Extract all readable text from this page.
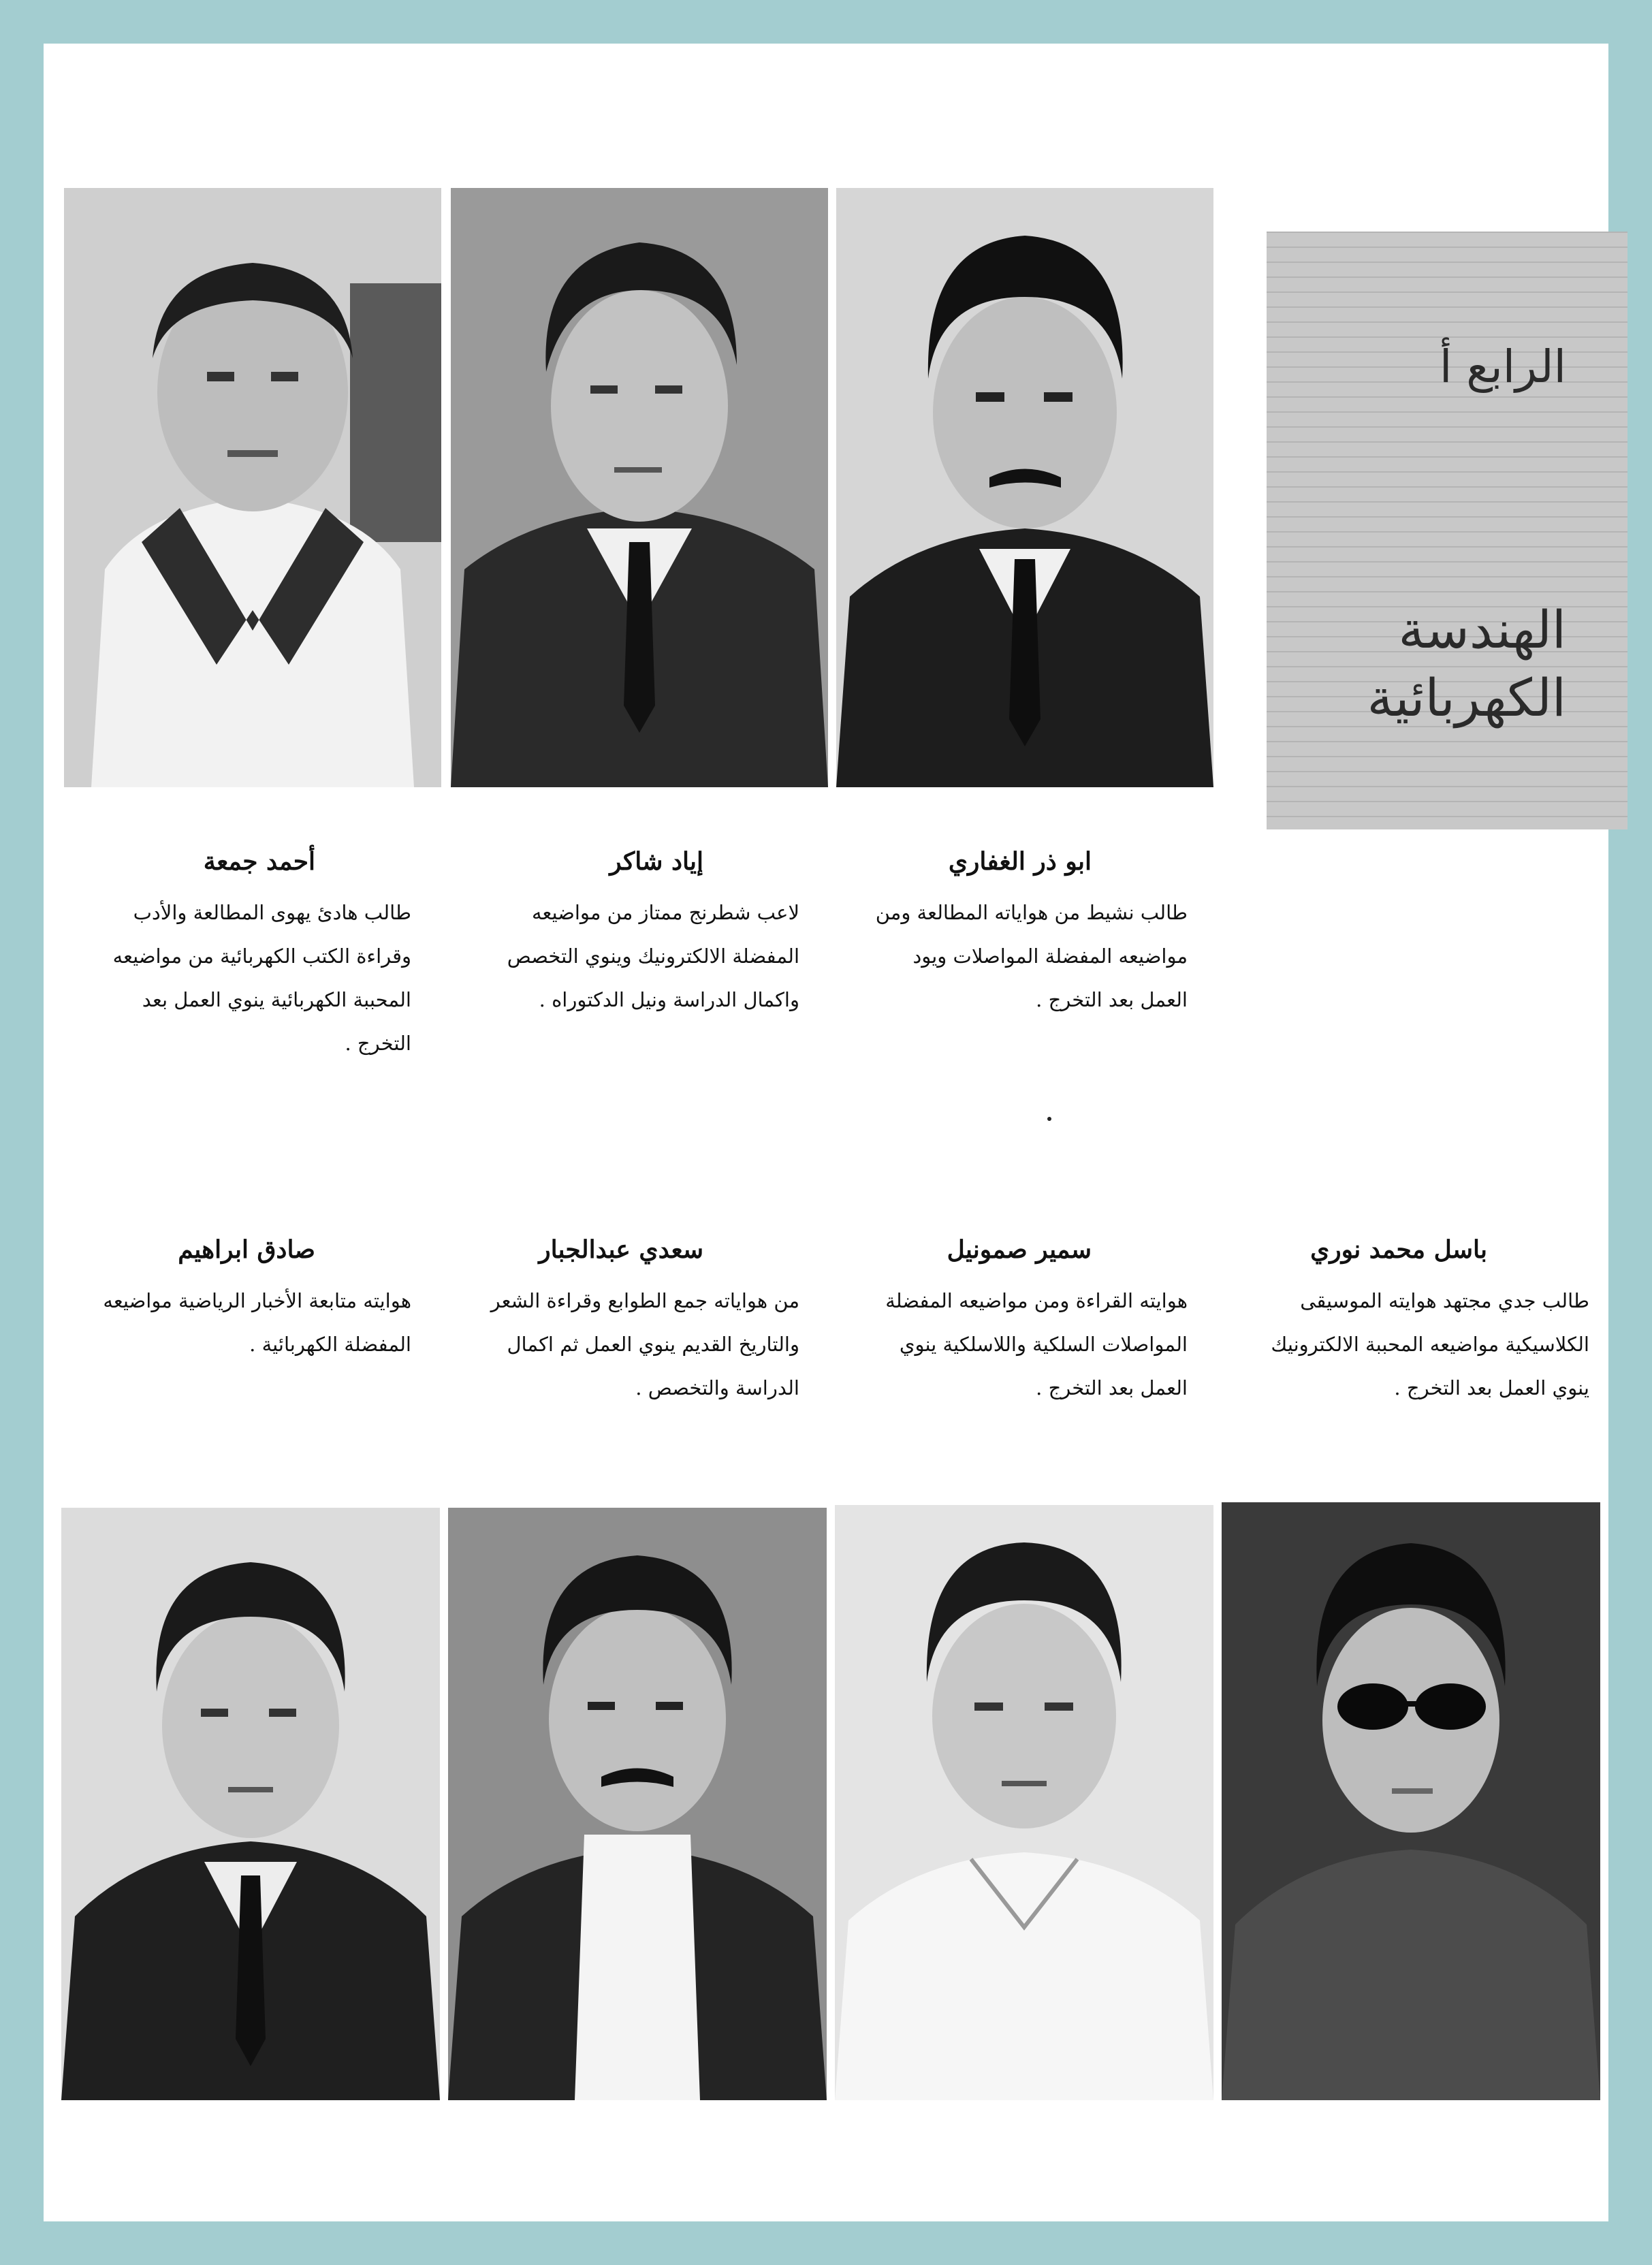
الرابع أ
الهندسة
الكهربائية
أحمد جمعة
طالب هادئ يهوى المطالعة والأدب وقراءة الكتب الكهربائية من مواضيعه المحببة الكهربائية ينوي العمل بعد التخرج .
إياد شاكر
لاعب شطرنج ممتاز من مواضيعه المفضلة الالكترونيك وينوي التخصص واكمال الدراسة ونيل الدكتوراه .
ابو ذر الغفاري
طالب نشيط من هواياته المطالعة ومن مواضيعه المفضلة المواصلات ويود العمل بعد التخرج .
صادق ابراهيم
هوايته متابعة الأخبار الرياضية مواضيعه المفضلة الكهربائية .
سعدي عبدالجبار
من هواياته جمع الطوابع وقراءة الشعر والتاريخ القديم ينوي العمل ثم اكمال الدراسة والتخصص .
سمير صمونيل
هوايته القراءة ومن مواضيعه المفضلة المواصلات السلكية واللاسلكية ينوي العمل بعد التخرج .
باسل محمد نوري
طالب جدي مجتهد هوايته الموسيقى الكلاسيكية مواضيعه المحببة الالكترونيك ينوي العمل بعد التخرج .
